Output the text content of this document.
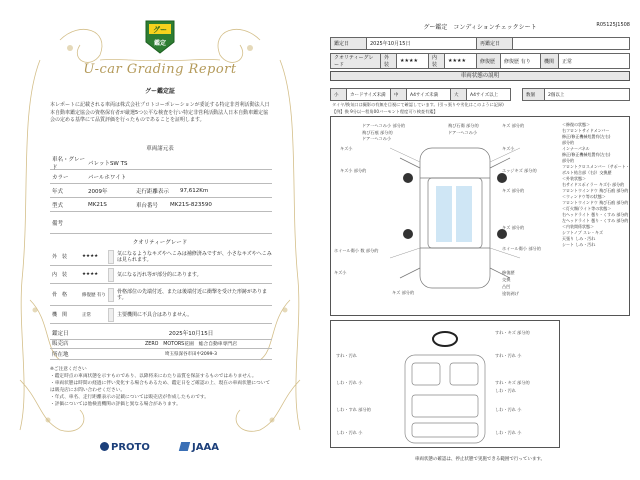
グー
鑑定
U-car Grading Report
グー鑑定証
本レポートに記載される車両は株式会社プロトコーポレーションが委託する特定非営利活動法人日本自動車鑑定協会の資格保有者が厳選5つ公平な検査を行い特定非営利活動法人日本自動車鑑定協会の定める基準にて品質評価を行ったものであることを証明します。
車両諸元表
車名・グレード
パレットSW TS
カラー	パールホワイト
年式	2009年	走行距離表示	97,612Km
型式	MK21S	車台番号	MK21S-823590
備考
クオリティーグレード
外　装	★★★★	気になるようなキズやへこみは補修済みですが、小さなキズやへこみは見られます。
内　装	★★★★	気になる汚れ等が部分的にあります。
骨　格	修復歴 有り
骨格部位の先端付近、または後端付近に衝撃を受けた形跡があります。
機　関	正常	主要機関に不具合はありません。
鑑定日	2025年10月15日
販売店	ZERO　MOTORS花園　総合自動車専門店
所在地	埼玉県深谷市田中2099-3
※ご注意ください
・鑑定時点の車両状態を示すものであり、以降将来にわたり品質を保証するものではありません。
・車両状態は時間の経過に伴い変化する場合もあるため、鑑定日をご確認の上、現在の車両状態については販売店にお問い合わせください。
・年式、車名、走行距離表示の記載については販売店が作成したものです。
・評価については他検査機関の評価と異なる場合があります。
PROTO	JAAA
グー鑑定　コンディションチェックシート	R05125J1508
鑑定日	2025年10月15日	再鑑定日	
クオリティーグレード	外装	★★★★	内装	★★★★	修復歴	修復歴 有り	機関	正常
車両状態の説明
小	カードサイズ未満	中	A4サイズ未満	大	A4サイズ以上		数個	2個以上
タイヤ/換気口は撮影の有無を目視にて確認しています。(引っ張りや劣化はこのように記録)
【例】換 9分以～程角00バーモント程度可り検査有鑑】
ドア一ヘコみ小 部分的
飛び石痕 部分的
飛び石傷 部分的	キズ 部分的
キズ小	キズ小
キズ小 部分的	エッジキズ 部分的
キズ 部分的
ホイール傷小 数 部分的
キズ 部分的
ホイール傷小 部分的
キズ小	修復歴
交換
凸凹
塗装剥げ
キズ 部分的
ドア一ヘコみ小
ドア一ヘコみ小
＜修復の状態＞
右フロントサイドメンバー
修正/修正機械処置有(左右)
部分的
インナーパネル
修正/修正機械処置有(左右)
部分的
フロントクロスメンバー（サポート・ボルト結合部（右)）交換歴
＜外装状態＞
右サイドスポイラー キズ小 部分的
フロントウインドウ 飛び石痕 部分的
＜ウィンドウ等の状態＞
フロントウインドウ 飛び石痕 部分的
＜灯火類/ライト等の状態＞
右ヘッドライト 曇り・くすみ 部分的
左ヘッドライト 曇り・くすみ 部分的
＜内装関係状態＞
シフトノブ スレ・キズ
天張り しみ・汚れ
シート しみ・汚れ
すれ・キズ 部分的
すれ・汚れ	すれ・汚れ 小
しわ・汚れ 小	すれ・キズ 部分的
しわ・汚れ
しわ・すれ 部分的	しわ・汚れ 小
しわ・汚れ 小	しわ・汚れ 小
車両状態の確認は、停止状態で実施できる範囲で行っています。
